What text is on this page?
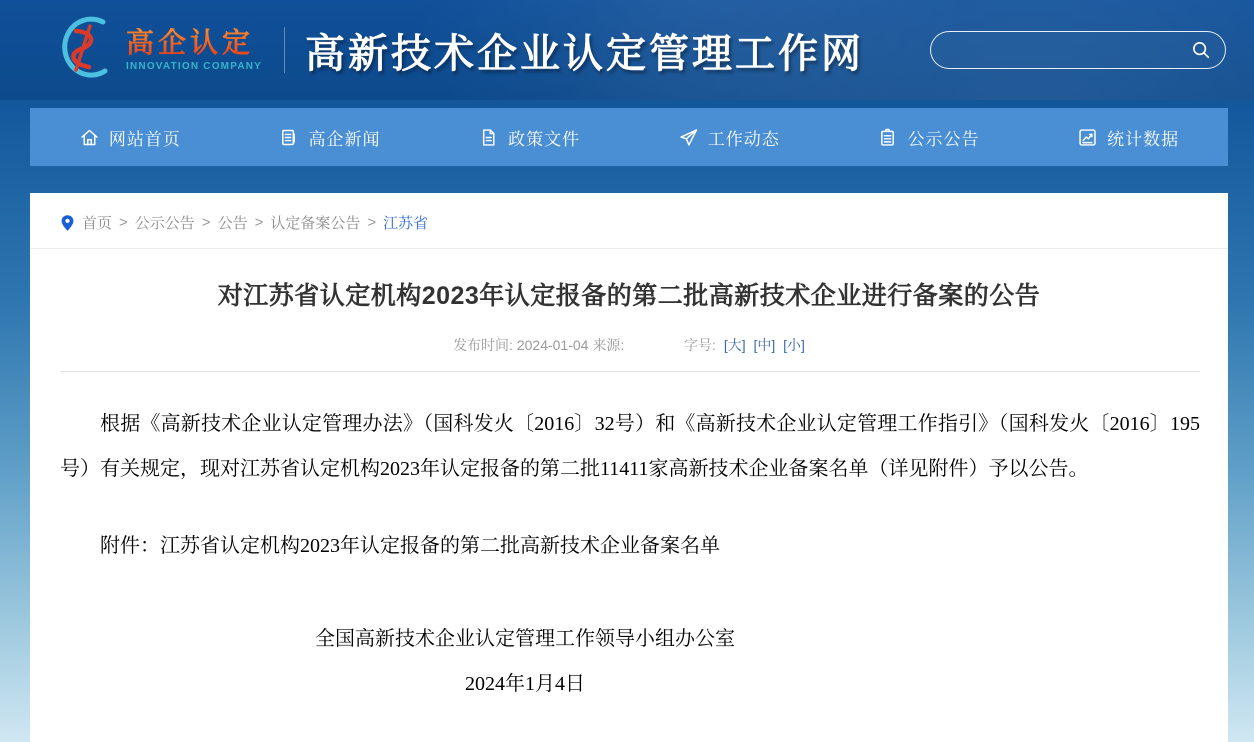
高企认定
INNOVATION COMPANY 高新技术企业认定管理工作网
网站首页	高企新闻	政策文件	工作动态	公示公告	统计数据
首页 > 公示公告 > 公告 > 认定备案公告 > 江苏省
对江苏省认定机构2023年认定报备的第二批高新技术企业进行备案的公告
发布时间: 2024-01-04 来源:	字号: [大] [中] [小]

根据《高新技术企业认定管理办法》（国科发火〔2016〕32号）和《高新技术企业认定管理工作指引》（国科发火〔2016〕195号）有关规定，现对江苏省认定机构2023年认定报备的第二批11411家高新技术企业备案名单（详见附件）予以公告。

附件：江苏省认定机构2023年认定报备的第二批高新技术企业备案名单

全国高新技术企业认定管理工作领导小组办公室
2024年1月4日
